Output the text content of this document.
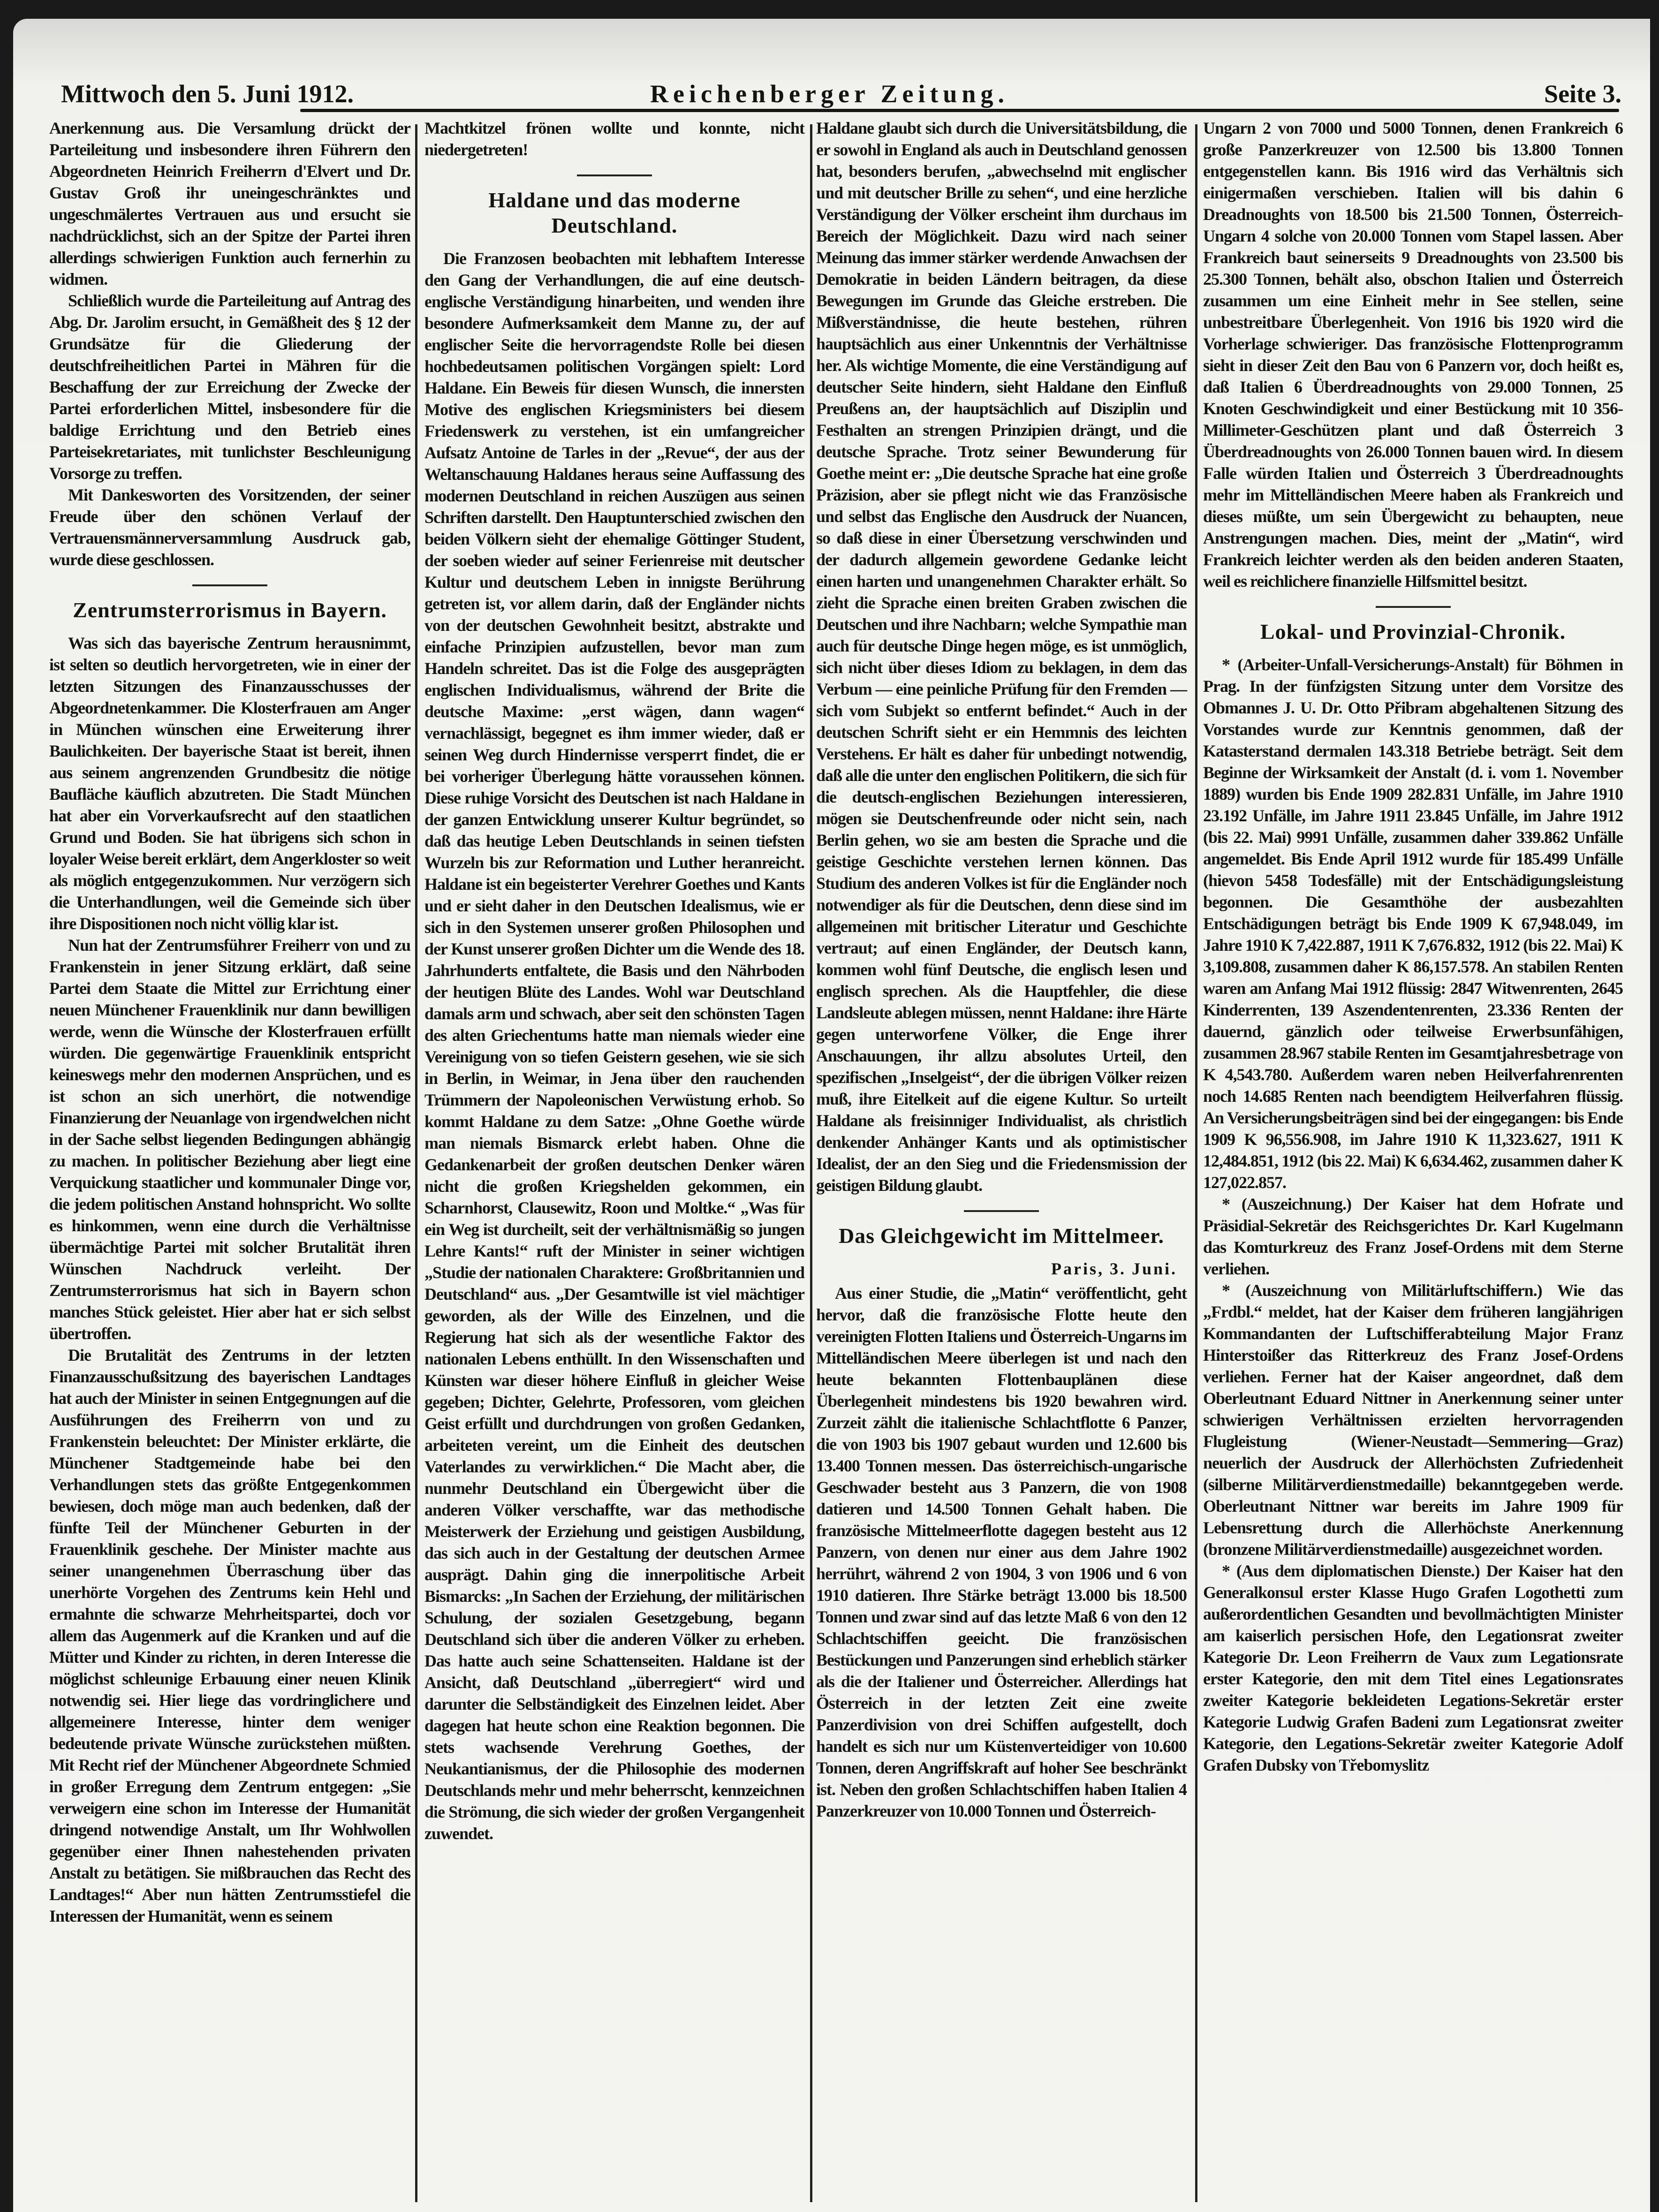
Mittwoch den 5. Juni 1912.	Reichenberger Zeitung.	Seite 3.

Anerkennung aus. Die Versamlung drückt der Parteileitung und insbesondere ihren Führern den Abgeordneten Heinrich Freiherrn d'Elvert und Dr. Gustav Groß ihr uneingeschränktes und ungeschmälertes Vertrauen aus und ersucht sie nachdrücklichst, sich an der Spitze der Partei ihren allerdings schwierigen Funktion auch fernerhin zu widmen.

Schließlich wurde die Parteileitung auf Antrag des Abg. Dr. Jarolim ersucht, in Gemäßheit des § 12 der Grundsätze für die Gliederung der deutschfreiheitlichen Partei in Mähren für die Beschaffung der zur Erreichung der Zwecke der Partei erforderlichen Mittel, insbesondere für die baldige Errichtung und den Betrieb eines Parteisekretariates, mit tunlichster Beschleunigung Vorsorge zu treffen.

Mit Dankesworten des Vorsitzenden, der seiner Freude über den schönen Verlauf der Vertrauensmännerversammlung Ausdruck gab, wurde diese geschlossen.

Zentrumsterrorismus in Bayern.

Was sich das bayerische Zentrum herausnimmt, ist selten so deutlich hervorgetreten, wie in einer der letzten Sitzungen des Finanzausschusses der Abgeordnetenkammer. Die Klosterfrauen am Anger in München wünschen eine Erweiterung ihrer Baulichkeiten. Der bayerische Staat ist bereit, ihnen aus seinem angrenzenden Grundbesitz die nötige Baufläche käuflich abzutreten. Die Stadt München hat aber ein Vorverkaufsrecht auf den staatlichen Grund und Boden. Sie hat übrigens sich schon in loyaler Weise bereit erklärt, dem Angerkloster so weit als möglich entgegenzukommen. Nur verzögern sich die Unterhandlungen, weil die Gemeinde sich über ihre Dispositionen noch nicht völlig klar ist.

Nun hat der Zentrumsführer Freiherr von und zu Frankenstein in jener Sitzung erklärt, daß seine Partei dem Staate die Mittel zur Errichtung einer neuen Münchener Frauenklinik nur dann bewilligen werde, wenn die Wünsche der Klosterfrauen erfüllt würden. Die gegenwärtige Frauenklinik entspricht keineswegs mehr den modernen Ansprüchen, und es ist schon an sich unerhört, die notwendige Finanzierung der Neuanlage von irgendwelchen nicht in der Sache selbst liegenden Bedingungen abhängig zu machen. In politischer Beziehung aber liegt eine Verquickung staatlicher und kommunaler Dinge vor, die jedem politischen Anstand hohnspricht. Wo sollte es hinkommen, wenn eine durch die Verhältnisse übermächtige Partei mit solcher Brutalität ihren Wünschen Nachdruck verleiht. Der Zentrumsterrorismus hat sich in Bayern schon manches Stück geleistet. Hier aber hat er sich selbst übertroffen.

Die Brutalität des Zentrums in der letzten Finanzausschußsitzung des bayerischen Landtages hat auch der Minister in seinen Entgegnungen auf die Ausführungen des Freiherrn von und zu Frankenstein beleuchtet: Der Minister erklärte, die Münchener Stadtgemeinde habe bei den Verhandlungen stets das größte Entgegenkommen bewiesen, doch möge man auch bedenken, daß der fünfte Teil der Münchener Geburten in der Frauenklinik geschehe. Der Minister machte aus seiner unangenehmen Überraschung über das unerhörte Vorgehen des Zentrums kein Hehl und ermahnte die schwarze Mehrheitspartei, doch vor allem das Augenmerk auf die Kranken und auf die Mütter und Kinder zu richten, in deren Interesse die möglichst schleunige Erbauung einer neuen Klinik notwendig sei. Hier liege das vordringlichere und allgemeinere Interesse, hinter dem weniger bedeutende private Wünsche zurückstehen müßten. Mit Recht rief der Münchener Abgeordnete Schmied in großer Erregung dem Zentrum entgegen: „Sie verweigern eine schon im Interesse der Humanität dringend notwendige Anstalt, um Ihr Wohlwollen gegenüber einer Ihnen nahestehenden privaten Anstalt zu betätigen. Sie mißbrauchen das Recht des Landtages!“ Aber nun hätten Zentrumsstiefel die Interessen der Humanität, wenn es seinem

Machtkitzel frönen wollte und konnte, nicht niedergetreten!

Haldane und das moderne Deutschland.

Die Franzosen beobachten mit lebhaftem Interesse den Gang der Verhandlungen, die auf eine deutsch-englische Verständigung hinarbeiten, und wenden ihre besondere Aufmerksamkeit dem Manne zu, der auf englischer Seite die hervorragendste Rolle bei diesen hochbedeutsamen politischen Vorgängen spielt: Lord Haldane. Ein Beweis für diesen Wunsch, die innersten Motive des englischen Kriegsministers bei diesem Friedenswerk zu verstehen, ist ein umfangreicher Aufsatz Antoine de Tarles in der „Revue“, der aus der Weltanschauung Haldanes heraus seine Auffassung des modernen Deutschland in reichen Auszügen aus seinen Schriften darstellt. Den Hauptunterschied zwischen den beiden Völkern sieht der ehemalige Göttinger Student, der soeben wieder auf seiner Ferienreise mit deutscher Kultur und deutschem Leben in innigste Berührung getreten ist, vor allem darin, daß der Engländer nichts von der deutschen Gewohnheit besitzt, abstrakte und einfache Prinzipien aufzustellen, bevor man zum Handeln schreitet. Das ist die Folge des ausgeprägten englischen Individualismus, während der Brite die deutsche Maxime: „erst wägen, dann wagen“ vernachlässigt, begegnet es ihm immer wieder, daß er seinen Weg durch Hindernisse versperrt findet, die er bei vorheriger Überlegung hätte voraussehen können. Diese ruhige Vorsicht des Deutschen ist nach Haldane in der ganzen Entwicklung unserer Kultur begründet, so daß das heutige Leben Deutschlands in seinen tiefsten Wurzeln bis zur Reformation und Luther heranreicht. Haldane ist ein begeisterter Verehrer Goethes und Kants und er sieht daher in den Deutschen Idealismus, wie er sich in den Systemen unserer großen Philosophen und der Kunst unserer großen Dichter um die Wende des 18. Jahrhunderts entfaltete, die Basis und den Nährboden der heutigen Blüte des Landes. Wohl war Deutschland damals arm und schwach, aber seit den schönsten Tagen des alten Griechentums hatte man niemals wieder eine Vereinigung von so tiefen Geistern gesehen, wie sie sich in Berlin, in Weimar, in Jena über den rauchenden Trümmern der Napoleonischen Verwüstung erhob. So kommt Haldane zu dem Satze: „Ohne Goethe würde man niemals Bismarck erlebt haben. Ohne die Gedankenarbeit der großen deutschen Denker wären nicht die großen Kriegshelden gekommen, ein Scharnhorst, Clausewitz, Roon und Moltke.“ „Was für ein Weg ist durcheilt, seit der verhältnismäßig so jungen Lehre Kants!“ ruft der Minister in seiner wichtigen „Studie der nationalen Charaktere: Großbritannien und Deutschland“ aus. „Der Gesamtwille ist viel mächtiger geworden, als der Wille des Einzelnen, und die Regierung hat sich als der wesentliche Faktor des nationalen Lebens enthüllt. In den Wissenschaften und Künsten war dieser höhere Einfluß in gleicher Weise gegeben; Dichter, Gelehrte, Professoren, vom gleichen Geist erfüllt und durchdrungen von großen Gedanken, arbeiteten vereint, um die Einheit des deutschen Vaterlandes zu verwirklichen.“ Die Macht aber, die nunmehr Deutschland ein Übergewicht über die anderen Völker verschaffte, war das methodische Meisterwerk der Erziehung und geistigen Ausbildung, das sich auch in der Gestaltung der deutschen Armee ausprägt. Dahin ging die innerpolitische Arbeit Bismarcks: „In Sachen der Erziehung, der militärischen Schulung, der sozialen Gesetzgebung, begann Deutschland sich über die anderen Völker zu erheben. Das hatte auch seine Schattenseiten. Haldane ist der Ansicht, daß Deutschland „überregiert“ wird und darunter die Selbständigkeit des Einzelnen leidet. Aber dagegen hat heute schon eine Reaktion begonnen. Die stets wachsende Verehrung Goethes, der Neukantianismus, der die Philosophie des modernen Deutschlands mehr und mehr beherrscht, kennzeichnen die Strömung, die sich wieder der großen Vergangenheit zuwendet.

Haldane glaubt sich durch die Universitätsbildung, die er sowohl in England als auch in Deutschland genossen hat, besonders berufen, „abwechselnd mit englischer und mit deutscher Brille zu sehen“, und eine herzliche Verständigung der Völker erscheint ihm durchaus im Bereich der Möglichkeit. Dazu wird nach seiner Meinung das immer stärker werdende Anwachsen der Demokratie in beiden Ländern beitragen, da diese Bewegungen im Grunde das Gleiche erstreben. Die Mißverständnisse, die heute bestehen, rühren hauptsächlich aus einer Unkenntnis der Verhältnisse her. Als wichtige Momente, die eine Verständigung auf deutscher Seite hindern, sieht Haldane den Einfluß Preußens an, der hauptsächlich auf Disziplin und Festhalten an strengen Prinzipien drängt, und die deutsche Sprache. Trotz seiner Bewunderung für Goethe meint er: „Die deutsche Sprache hat eine große Präzision, aber sie pflegt nicht wie das Französische und selbst das Englische den Ausdruck der Nuancen, so daß diese in einer Übersetzung verschwinden und der dadurch allgemein gewordene Gedanke leicht einen harten und unangenehmen Charakter erhält. So zieht die Sprache einen breiten Graben zwischen die Deutschen und ihre Nachbarn; welche Sympathie man auch für deutsche Dinge hegen möge, es ist unmöglich, sich nicht über dieses Idiom zu beklagen, in dem das Verbum — eine peinliche Prüfung für den Fremden — sich vom Subjekt so entfernt befindet.“ Auch in der deutschen Schrift sieht er ein Hemmnis des leichten Verstehens. Er hält es daher für unbedingt notwendig, daß alle die unter den englischen Politikern, die sich für die deutsch-englischen Beziehungen interessieren, mögen sie Deutschenfreunde oder nicht sein, nach Berlin gehen, wo sie am besten die Sprache und die geistige Geschichte verstehen lernen können. Das Studium des anderen Volkes ist für die Engländer noch notwendiger als für die Deutschen, denn diese sind im allgemeinen mit britischer Literatur und Geschichte vertraut; auf einen Engländer, der Deutsch kann, kommen wohl fünf Deutsche, die englisch lesen und englisch sprechen. Als die Hauptfehler, die diese Landsleute ablegen müssen, nennt Haldane: ihre Härte gegen unterworfene Völker, die Enge ihrer Anschauungen, ihr allzu absolutes Urteil, den spezifischen „Inselgeist“, der die übrigen Völker reizen muß, ihre Eitelkeit auf die eigene Kultur. So urteilt Haldane als freisinniger Individualist, als christlich denkender Anhänger Kants und als optimistischer Idealist, der an den Sieg und die Friedensmission der geistigen Bildung glaubt.

Das Gleichgewicht im Mittelmeer.

Paris, 3. Juni.

Aus einer Studie, die „Matin“ veröffentlicht, geht hervor, daß die französische Flotte heute den vereinigten Flotten Italiens und Österreich-Ungarns im Mittelländischen Meere überlegen ist und nach den heute bekannten Flottenbauplänen diese Überlegenheit mindestens bis 1920 bewahren wird. Zurzeit zählt die italienische Schlachtflotte 6 Panzer, die von 1903 bis 1907 gebaut wurden und 12.600 bis 13.400 Tonnen messen. Das österreichisch-ungarische Geschwader besteht aus 3 Panzern, die von 1908 datieren und 14.500 Tonnen Gehalt haben. Die französische Mittelmeerflotte dagegen besteht aus 12 Panzern, von denen nur einer aus dem Jahre 1902 herrührt, während 2 von 1904, 3 von 1906 und 6 von 1910 datieren. Ihre Stärke beträgt 13.000 bis 18.500 Tonnen und zwar sind auf das letzte Maß 6 von den 12 Schlachtschiffen geeicht. Die französischen Bestückungen und Panzerungen sind erheblich stärker als die der Italiener und Österreicher. Allerdings hat Österreich in der letzten Zeit eine zweite Panzerdivision von drei Schiffen aufgestellt, doch handelt es sich nur um Küstenverteidiger von 10.600 Tonnen, deren Angriffskraft auf hoher See beschränkt ist. Neben den großen Schlachtschiffen haben Italien 4 Panzerkreuzer von 10.000 Tonnen und Österreich-

Ungarn 2 von 7000 und 5000 Tonnen, denen Frankreich 6 große Panzerkreuzer von 12.500 bis 13.800 Tonnen entgegenstellen kann. Bis 1916 wird das Verhältnis sich einigermaßen verschieben. Italien will bis dahin 6 Dreadnoughts von 18.500 bis 21.500 Tonnen, Österreich-Ungarn 4 solche von 20.000 Tonnen vom Stapel lassen. Aber Frankreich baut seinerseits 9 Dreadnoughts von 23.500 bis 25.300 Tonnen, behält also, obschon Italien und Österreich zusammen um eine Einheit mehr in See stellen, seine unbestreitbare Überlegenheit. Von 1916 bis 1920 wird die Vorherlage schwieriger. Das französische Flottenprogramm sieht in dieser Zeit den Bau von 6 Panzern vor, doch heißt es, daß Italien 6 Überdreadnoughts von 29.000 Tonnen, 25 Knoten Geschwindigkeit und einer Bestückung mit 10 356-Millimeter-Geschützen plant und daß Österreich 3 Überdreadnoughts von 26.000 Tonnen bauen wird. In diesem Falle würden Italien und Österreich 3 Überdreadnoughts mehr im Mittelländischen Meere haben als Frankreich und dieses müßte, um sein Übergewicht zu behaupten, neue Anstrengungen machen. Dies, meint der „Matin“, wird Frankreich leichter werden als den beiden anderen Staaten, weil es reichlichere finanzielle Hilfsmittel besitzt.

Lokal- und Provinzial-Chronik.

* (Arbeiter-Unfall-Versicherungs-Anstalt) für Böhmen in Prag. In der fünfzigsten Sitzung unter dem Vorsitze des Obmannes J. U. Dr. Otto Přibram abgehaltenen Sitzung des Vorstandes wurde zur Kenntnis genommen, daß der Katasterstand dermalen 143.318 Betriebe beträgt. Seit dem Beginne der Wirksamkeit der Anstalt (d. i. vom 1. November 1889) wurden bis Ende 1909 282.831 Unfälle, im Jahre 1910 23.192 Unfälle, im Jahre 1911 23.845 Unfälle, im Jahre 1912 (bis 22. Mai) 9991 Unfälle, zusammen daher 339.862 Unfälle angemeldet. Bis Ende April 1912 wurde für 185.499 Unfälle (hievon 5458 Todesfälle) mit der Entschädigungsleistung begonnen. Die Gesamthöhe der ausbezahlten Entschädigungen beträgt bis Ende 1909 K 67,948.049, im Jahre 1910 K 7,422.887, 1911 K 7,676.832, 1912 (bis 22. Mai) K 3,109.808, zusammen daher K 86,157.578. An stabilen Renten waren am Anfang Mai 1912 flüssig: 2847 Witwenrenten, 2645 Kinderrenten, 139 Aszendentenrenten, 23.336 Renten der dauernd, gänzlich oder teilweise Erwerbsunfähigen, zusammen 28.967 stabile Renten im Gesamtjahresbetrage von K 4,543.780. Außerdem waren neben Heilverfahrenrenten noch 14.685 Renten nach beendigtem Heilverfahren flüssig. An Versicherungsbeiträgen sind bei der eingegangen: bis Ende 1909 K 96,556.908, im Jahre 1910 K 11,323.627, 1911 K 12,484.851, 1912 (bis 22. Mai) K 6,634.462, zusammen daher K 127,022.857.

* (Auszeichnung.) Der Kaiser hat dem Hofrate und Präsidial-Sekretär des Reichsgerichtes Dr. Karl Kugelmann das Komturkreuz des Franz Josef-Ordens mit dem Sterne verliehen.

* (Auszeichnung von Militärluftschiffern.) Wie das „Frdbl.“ meldet, hat der Kaiser dem früheren langjährigen Kommandanten der Luftschifferabteilung Major Franz Hinterstoißer das Ritterkreuz des Franz Josef-Ordens verliehen. Ferner hat der Kaiser angeordnet, daß dem Oberleutnant Eduard Nittner in Anerkennung seiner unter schwierigen Verhältnissen erzielten hervorragenden Flugleistung (Wiener-Neustadt—Semmering—Graz) neuerlich der Ausdruck der Allerhöchsten Zufriedenheit (silberne Militärverdienstmedaille) bekanntgegeben werde. Oberleutnant Nittner war bereits im Jahre 1909 für Lebensrettung durch die Allerhöchste Anerkennung (bronzene Militärverdienstmedaille) ausgezeichnet worden.

* (Aus dem diplomatischen Dienste.) Der Kaiser hat den Generalkonsul erster Klasse Hugo Grafen Logothetti zum außerordentlichen Gesandten und bevollmächtigten Minister am kaiserlich persischen Hofe, den Legationsrat zweiter Kategorie Dr. Leon Freiherrn de Vaux zum Legationsrate erster Kategorie, den mit dem Titel eines Legationsrates zweiter Kategorie bekleideten Legations-Sekretär erster Kategorie Ludwig Grafen Badeni zum Legationsrat zweiter Kategorie, den Legations-Sekretär zweiter Kategorie Adolf Grafen Dubsky von Třebomyslitz
